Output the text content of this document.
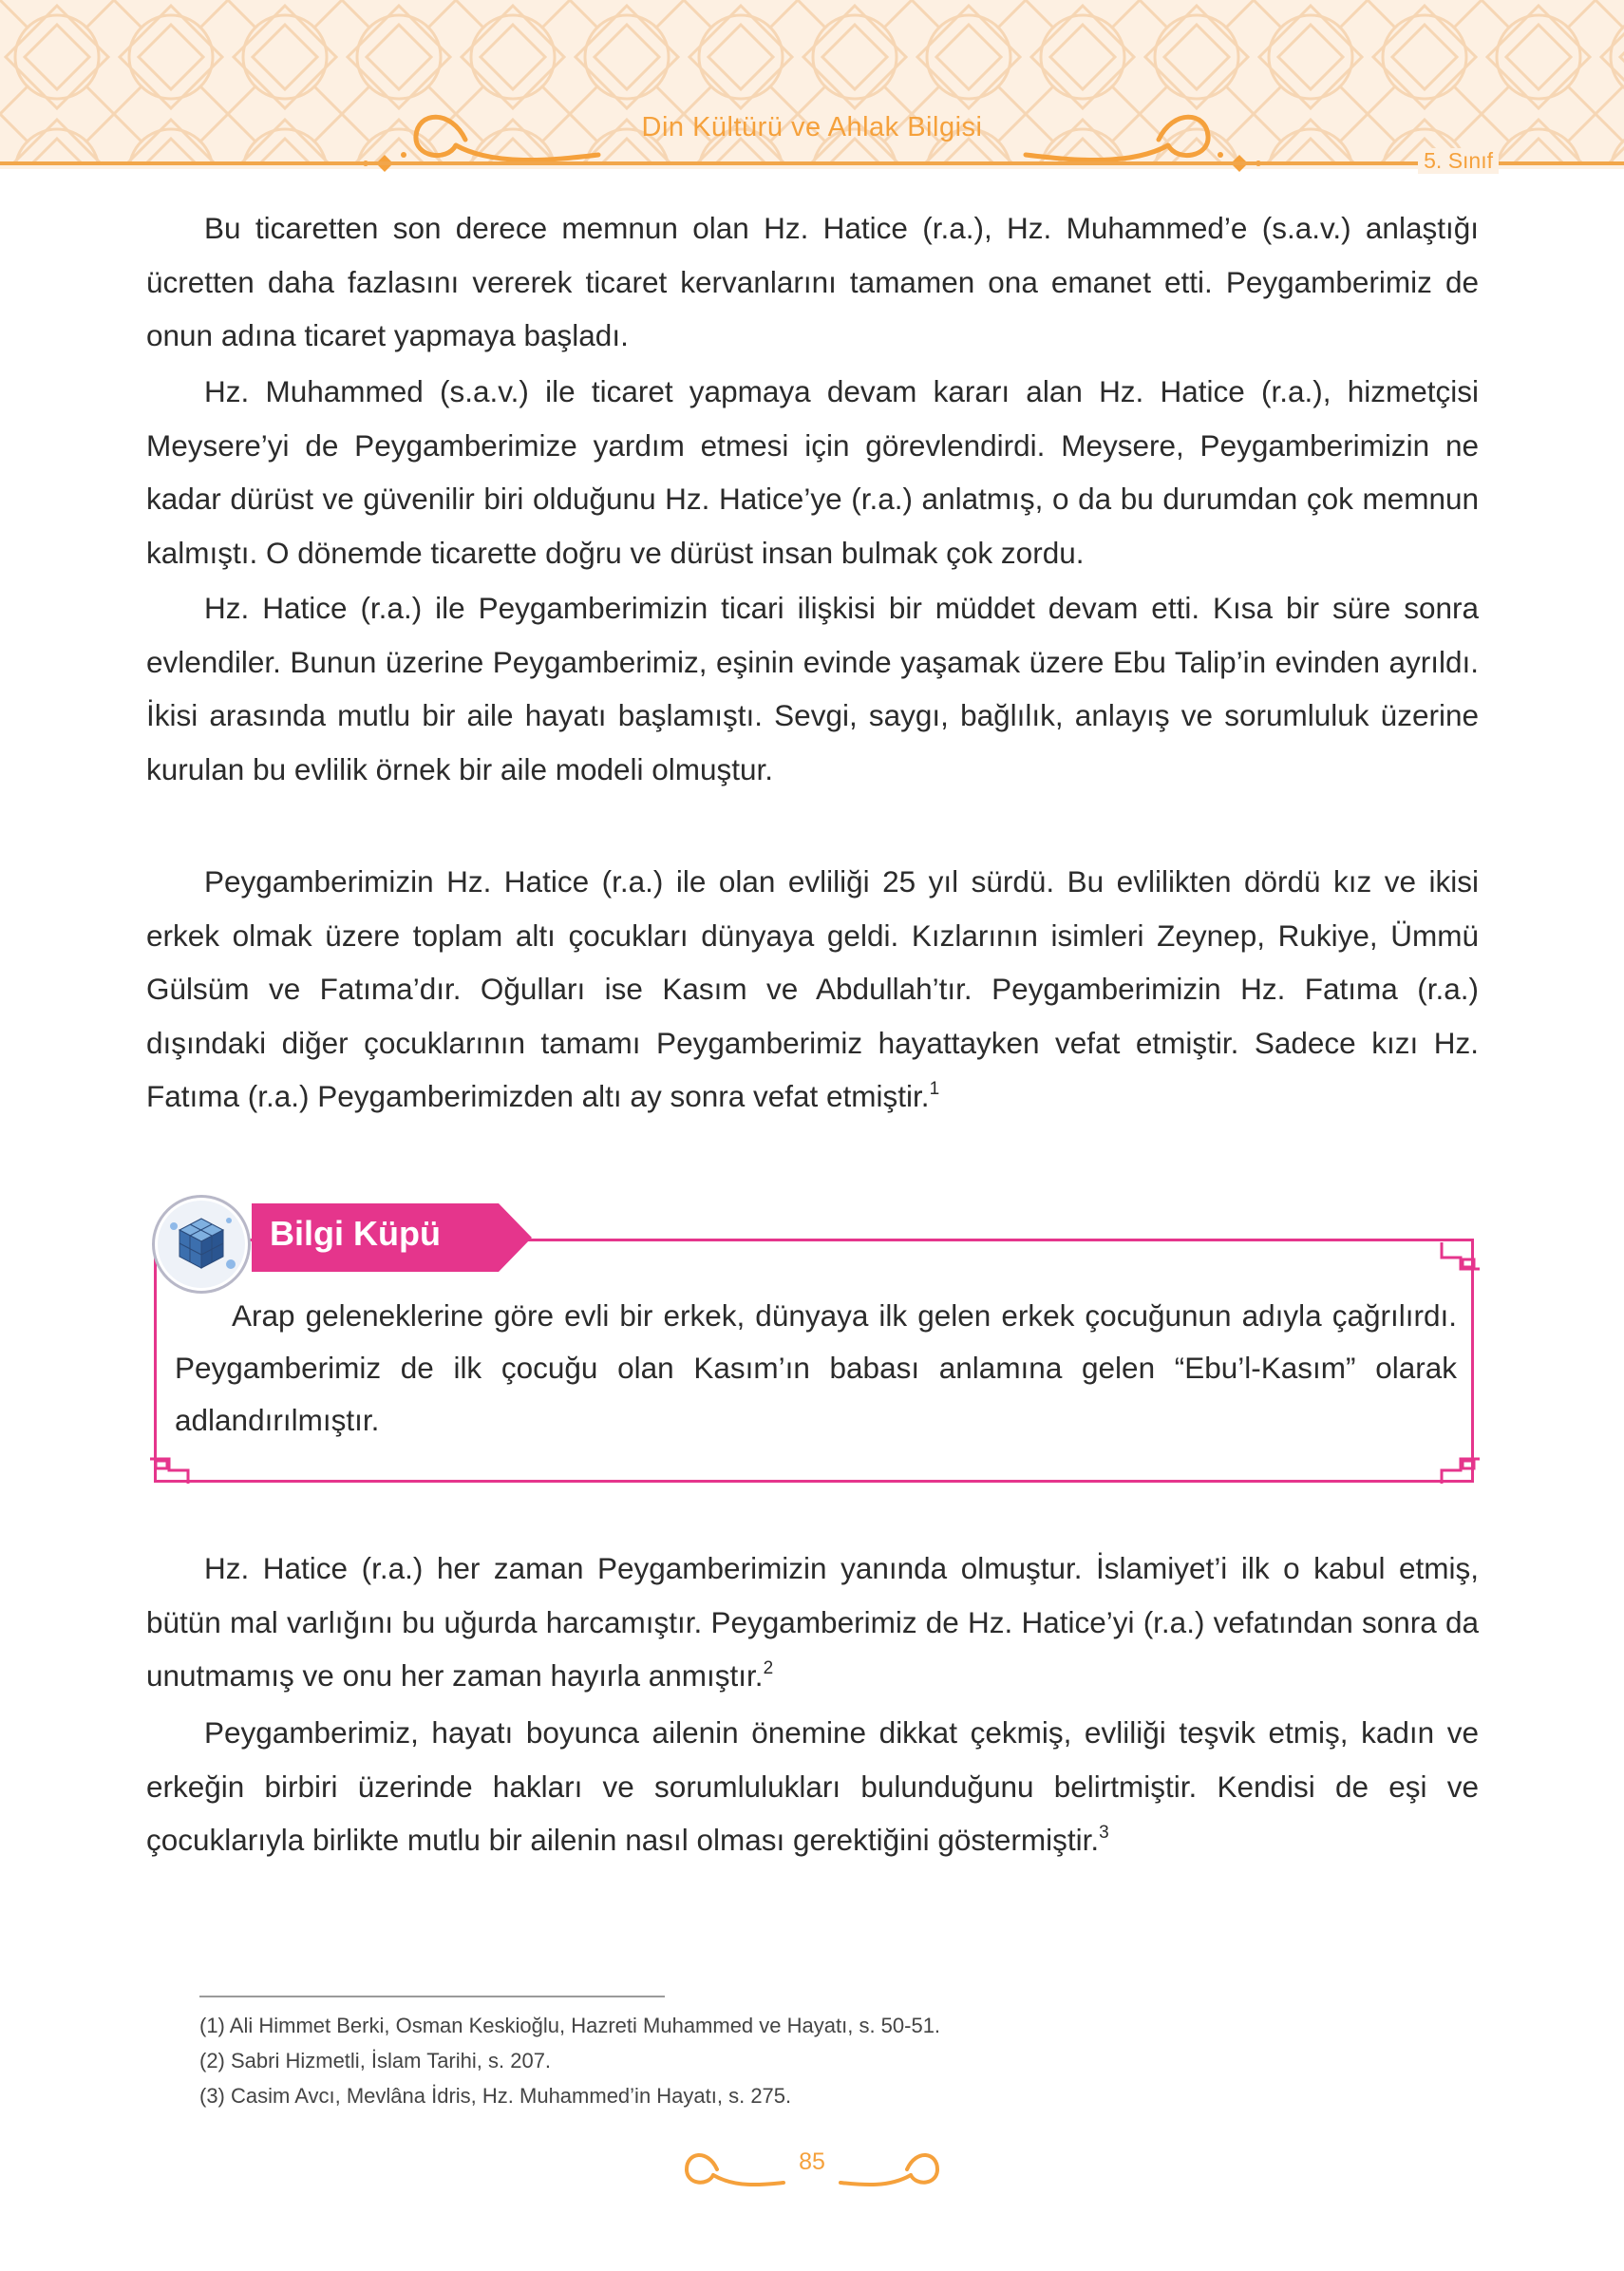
Din Kültürü ve Ahlak Bilgisi
5. Sınıf

Bu ticaretten son derece memnun olan Hz. Hatice (r.a.), Hz. Muhammed’e (s.a.v.) anlaştığı ücretten daha fazlasını vererek ticaret kervanlarını tamamen ona emanet etti. Peygamberimiz de onun adına ticaret yapmaya başladı.

Hz. Muhammed (s.a.v.) ile ticaret yapmaya devam kararı alan Hz. Hatice (r.a.), hizmetçisi Meysere’yi de Peygamberimize yardım etmesi için görevlendirdi. Meysere, Peygamberimizin ne kadar dürüst ve güvenilir biri olduğunu Hz. Hatice’ye (r.a.) anlatmış, o da bu durumdan çok memnun kalmıştı. O dönemde ticarette doğru ve dürüst insan bulmak çok zordu.

Hz. Hatice (r.a.) ile Peygamberimizin ticari ilişkisi bir müddet devam etti. Kısa bir süre sonra evlendiler. Bunun üzerine Peygamberimiz, eşinin evinde yaşamak üzere Ebu Talip’in evinden ayrıldı. İkisi arasında mutlu bir aile hayatı başlamıştı. Sevgi, saygı, bağlılık, anlayış ve sorumluluk üzerine kurulan bu evlilik örnek bir aile modeli olmuştur.

Peygamberimizin Hz. Hatice (r.a.) ile olan evliliği 25 yıl sürdü. Bu evlilikten dördü kız ve ikisi erkek olmak üzere toplam altı çocukları dünyaya geldi. Kızlarının isimleri Zeynep, Rukiye, Ümmü Gülsüm ve Fatıma’dır. Oğulları ise Kasım ve Abdullah’tır. Peygamberimizin Hz. Fatıma (r.a.) dışındaki diğer çocuklarının tamamı Peygamberimiz hayattayken vefat etmiştir. Sadece kızı Hz. Fatıma (r.a.) Peygamberimizden altı ay sonra vefat etmiştir.$^1$

Bilgi Küpü

Arap geleneklerine göre evli bir erkek, dünyaya ilk gelen erkek çocuğunun adıyla çağrılırdı. Peygamberimiz de ilk çocuğu olan Kasım’ın babası anlamına gelen “Ebu’l-Kasım” olarak adlandırılmıştır.

Hz. Hatice (r.a.) her zaman Peygamberimizin yanında olmuştur. İslamiyet’i ilk o kabul etmiş, bütün mal varlığını bu uğurda harcamıştır. Peygamberimiz de Hz. Hatice’yi (r.a.) vefatından sonra da unutmamış ve onu her zaman hayırla anmıştır.$^2$

Peygamberimiz, hayatı boyunca ailenin önemine dikkat çekmiş, evliliği teşvik etmiş, kadın ve erkeğin birbiri üzerinde hakları ve sorumlulukları bulunduğunu belirtmiştir. Kendisi de eşi ve çocuklarıyla birlikte mutlu bir ailenin nasıl olması gerektiğini göstermiştir.$^3$

(1) Ali Himmet Berki, Osman Keskioğlu, Hazreti Muhammed ve Hayatı, s. 50-51.
(2) Sabri Hizmetli, İslam Tarihi, s. 207.
(3) Casim Avcı, Mevlâna İdris, Hz. Muhammed’in Hayatı, s. 275.
85
